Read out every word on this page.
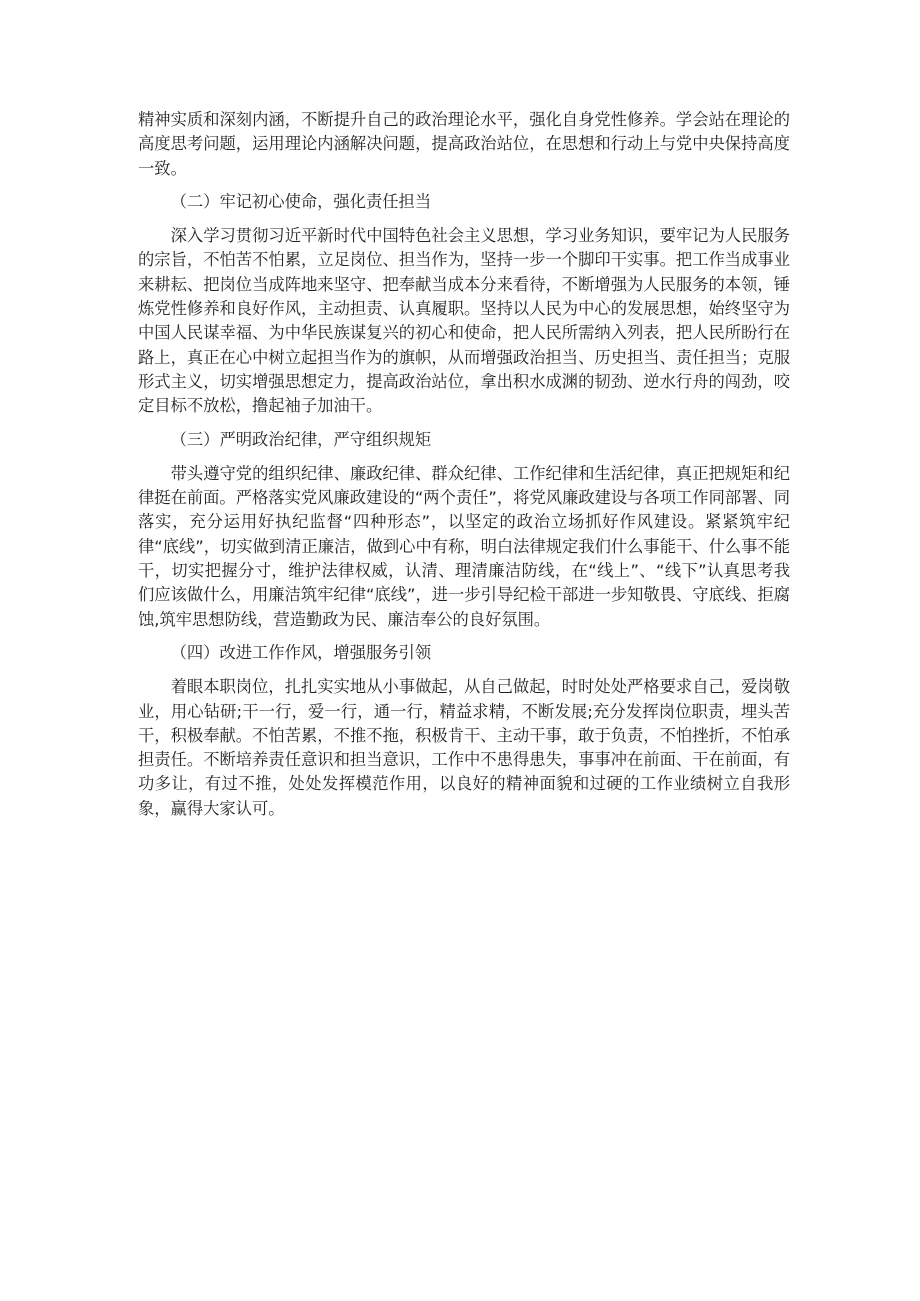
精神实质和深刻内涵，不断提升自己的政治理论水平，强化自身党性修养。学会站在理论的高度思考问题，运用理论内涵解决问题，提高政治站位，在思想和行动上与党中央保持高度一致。

（二）牢记初心使命，强化责任担当

深入学习贯彻习近平新时代中国特色社会主义思想，学习业务知识，要牢记为人民服务的宗旨，不怕苦不怕累，立足岗位、担当作为，坚持一步一个脚印干实事。把工作当成事业来耕耘、把岗位当成阵地来坚守、把奉献当成本分来看待，不断增强为人民服务的本领，锤炼党性修养和良好作风，主动担责、认真履职。坚持以人民为中心的发展思想，始终坚守为中国人民谋幸福、为中华民族谋复兴的初心和使命，把人民所需纳入列表，把人民所盼行在路上，真正在心中树立起担当作为的旗帜，从而增强政治担当、历史担当、责任担当；克服形式主义，切实增强思想定力，提高政治站位，拿出积水成渊的韧劲、逆水行舟的闯劲，咬定目标不放松，撸起袖子加油干。

（三）严明政治纪律，严守组织规矩

带头遵守党的组织纪律、廉政纪律、群众纪律、工作纪律和生活纪律，真正把规矩和纪律挺在前面。严格落实党风廉政建设的“两个责任”，将党风廉政建设与各项工作同部署、同落实，充分运用好执纪监督“四种形态”，以坚定的政治立场抓好作风建设。紧紧筑牢纪律“底线”，切实做到清正廉洁，做到心中有称，明白法律规定我们什么事能干、什么事不能干，切实把握分寸，维护法律权威，认清、理清廉洁防线，在“线上”、“线下”认真思考我们应该做什么，用廉洁筑牢纪律“底线”，进一步引导纪检干部进一步知敬畏、守底线、拒腐蚀,筑牢思想防线，营造勤政为民、廉洁奉公的良好氛围。

（四）改进工作作风，增强服务引领

着眼本职岗位，扎扎实实地从小事做起，从自己做起，时时处处严格要求自己，爱岗敬业，用心钻研;干一行，爱一行，通一行，精益求精，不断发展;充分发挥岗位职责，埋头苦干，积极奉献。不怕苦累，不推不拖，积极肯干、主动干事，敢于负责，不怕挫折，不怕承担责任。不断培养责任意识和担当意识，工作中不患得患失，事事冲在前面、干在前面，有功多让，有过不推，处处发挥模范作用，以良好的精神面貌和过硬的工作业绩树立自我形象，赢得大家认可。
